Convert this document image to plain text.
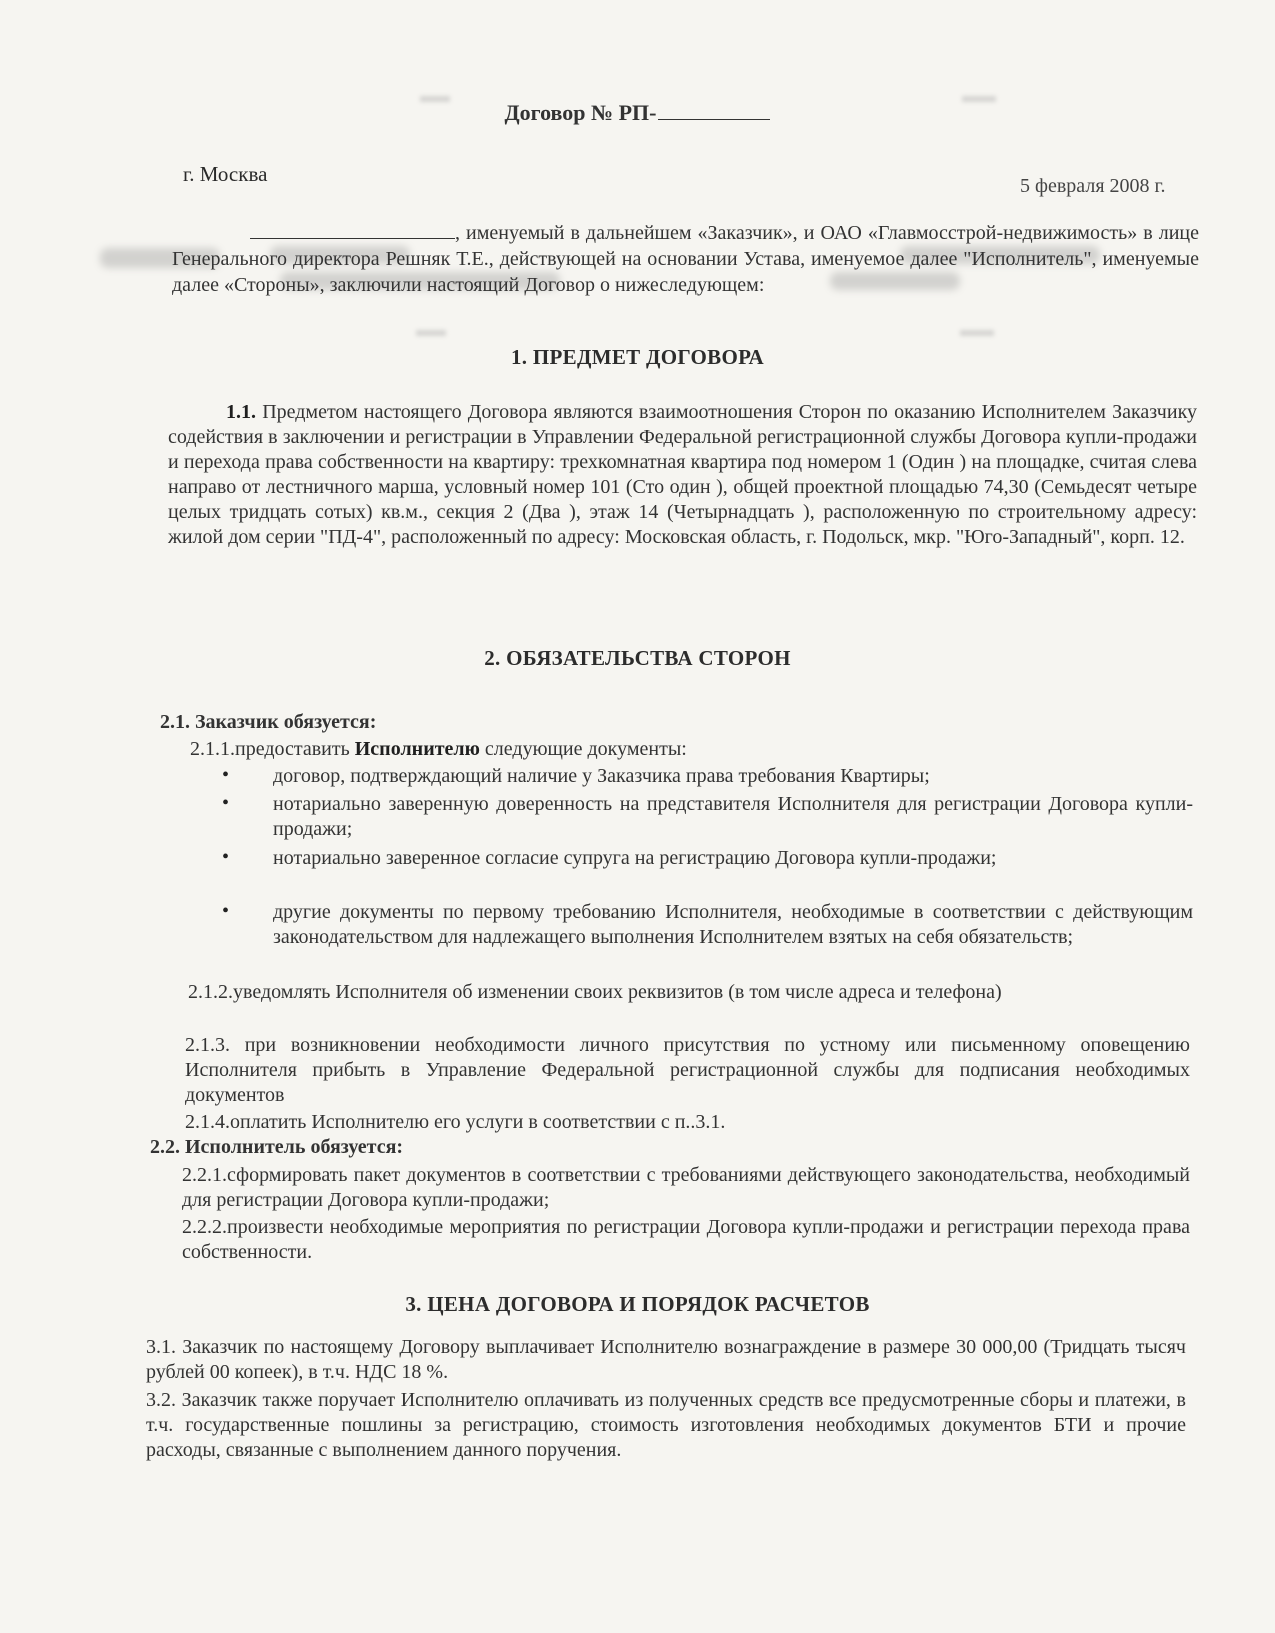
Договор № РП-
г. Москва	5 февраля 2008 г.
, именуемый в дальнейшем «Заказчик», и ОАО «Главмосстрой-недвижимость» в лице Генерального директора Решняк Т.Е., действующей на основании Устава, именуемое далее "Исполнитель", именуемые далее «Стороны», заключили настоящий Договор о нижеследующем:
1. ПРЕДМЕТ ДОГОВОРА
1.1. Предметом настоящего Договора являются взаимоотношения Сторон по оказанию Исполнителем Заказчику содействия в заключении и регистрации в Управлении Федеральной регистрационной службы Договора купли-продажи и перехода права собственности на квартиру: трехкомнатная квартира под номером 1 (Один ) на площадке, считая слева направо от лестничного марша, условный номер 101 (Сто один ), общей проектной площадью 74,30 (Семьдесят четыре целых тридцать сотых) кв.м., секция 2 (Два ), этаж 14 (Четырнадцать ), расположенную по строительному адресу: жилой дом серии "ПД-4", расположенный по адресу: Московская область, г. Подольск, мкр. "Юго-Западный", корп. 12.
2. ОБЯЗАТЕЛЬСТВА СТОРОН
2.1. Заказчик обязуется:
2.1.1.предоставить Исполнителю следующие документы:
• договор, подтверждающий наличие у Заказчика права требования Квартиры;
• нотариально заверенную доверенность на представителя Исполнителя для регистрации Договора купли-продажи;
• нотариально заверенное согласие супруга на регистрацию Договора купли-продажи;
• другие документы по первому требованию Исполнителя, необходимые в соответствии с действующим законодательством для надлежащего выполнения Исполнителем взятых на себя обязательств;
2.1.2.уведомлять Исполнителя об изменении своих реквизитов (в том числе адреса и телефона)
2.1.3. при возникновении необходимости личного присутствия по устному или письменному оповещению Исполнителя прибыть в Управление Федеральной регистрационной службы для подписания необходимых документов
2.1.4.оплатить Исполнителю его услуги в соответствии с п..3.1.
2.2. Исполнитель обязуется:
2.2.1.сформировать пакет документов в соответствии с требованиями действующего законодательства, необходимый для регистрации Договора купли-продажи;
2.2.2.произвести необходимые мероприятия по регистрации Договора купли-продажи и регистрации перехода права собственности.
3. ЦЕНА ДОГОВОРА И ПОРЯДОК РАСЧЕТОВ
3.1. Заказчик по настоящему Договору выплачивает Исполнителю вознаграждение в размере 30 000,00 (Тридцать тысяч рублей 00 копеек), в т.ч. НДС 18 %.
3.2. Заказчик также поручает Исполнителю оплачивать из полученных средств все предусмотренные сборы и платежи, в т.ч. государственные пошлины за регистрацию, стоимость изготовления необходимых документов БТИ и прочие расходы, связанные с выполнением данного поручения.
